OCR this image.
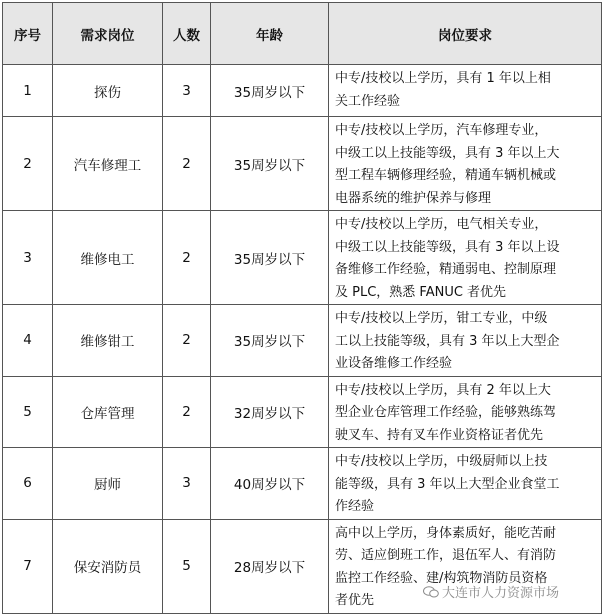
序号	需求岗位	人数	年龄	岗位要求
1	探伤	3	35周岁以下	中专/技校以上学历，具有 1 年以上相
关工作经验

2	汽车修理工	2	35周岁以下	中专/技校以上学历，汽车修理专业，
中级工以上技能等级，具有 3 年以上大
型工程车辆修理经验，精通车辆机械或
电器系统的维护保养与修理

3	维修电工	2	35周岁以下	中专/技校以上学历，电气相关专业，
中级工以上技能等级，具有 3 年以上设
备维修工作经验，精通弱电、控制原理
及 PLC，熟悉 FANUC 者优先

4	维修钳工	2	35周岁以下	中专/技校以上学历，钳工专业，中级
工以上技能等级，具有 3 年以上大型企
业设备维修工作经验

5	仓库管理	2	32周岁以下	中专/技校以上学历，具有 2 年以上大
型企业仓库管理工作经验，能够熟练驾
驶叉车、持有叉车作业资格证者优先

6	厨师	3	40周岁以下	中专/技校以上学历，中级厨师以上技
能等级，具有 3 年以上大型企业食堂工
作经验

7	保安消防员	5	28周岁以下	高中以上学历，身体素质好，能吃苦耐
劳、适应倒班工作，退伍军人、有消防
监控工作经验、建/构筑物消防员资格
者优先	大连市人力资源市场
